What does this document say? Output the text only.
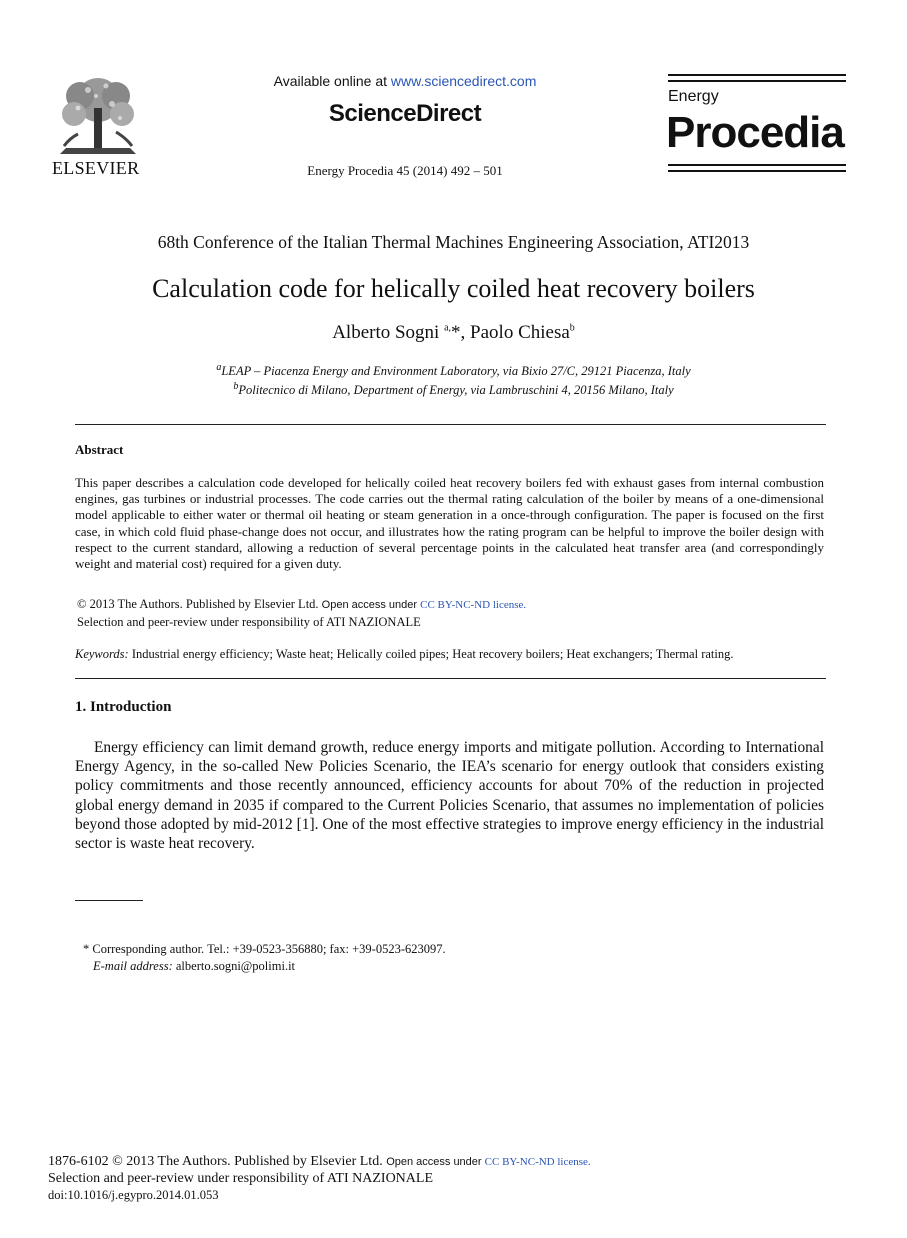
ELSEVIER
Available online at www.sciencedirect.com
ScienceDirect
Energy Procedia 45 (2014) 492 – 501
Energy
Procedia
68th Conference of the Italian Thermal Machines Engineering Association, ATI2013
Calculation code for helically coiled heat recovery boilers
Alberto Sogni $^{a,}$*, Paolo Chiesa$^b$
$^a$LEAP – Piacenza Energy and Environment Laboratory, via Bixio 27/C, 29121 Piacenza, Italy
$^b$Politecnico di Milano, Department of Energy, via Lambruschini 4, 20156 Milano, Italy
Abstract
This paper describes a calculation code developed for helically coiled heat recovery boilers fed with exhaust gases from internal combustion engines, gas turbines or industrial processes. The code carries out the thermal rating calculation of the boiler by means of a one-dimensional model applicable to either water or thermal oil heating or steam generation in a once-through configuration. The paper is focused on the first case, in which cold fluid phase-change does not occur, and illustrates how the rating program can be helpful to improve the boiler design with respect to the current standard, allowing a reduction of several percentage points in the calculated heat transfer area (and correspondingly weight and material cost) required for a given duty.
© 2013 The Authors. Published by Elsevier Ltd. Open access under CC BY-NC-ND license.
Selection and peer-review under responsibility of ATI NAZIONALE
Keywords: Industrial energy efficiency; Waste heat; Helically coiled pipes; Heat recovery boilers; Heat exchangers; Thermal rating.
1. Introduction
Energy efficiency can limit demand growth, reduce energy imports and mitigate pollution. According to International Energy Agency, in the so-called New Policies Scenario, the IEA’s scenario for energy outlook that considers existing policy commitments and those recently announced, efficiency accounts for about 70% of the reduction in projected global energy demand in 2035 if compared to the Current Policies Scenario, that assumes no implementation of policies beyond those adopted by mid-2012 [1]. One of the most effective strategies to improve energy efficiency in the industrial sector is waste heat recovery.
* Corresponding author. Tel.: +39-0523-356880; fax: +39-0523-623097.
E-mail address: alberto.sogni@polimi.it
1876-6102 © 2013 The Authors. Published by Elsevier Ltd. Open access under CC BY-NC-ND license.
Selection and peer-review under responsibility of ATI NAZIONALE
doi:10.1016/j.egypro.2014.01.053
